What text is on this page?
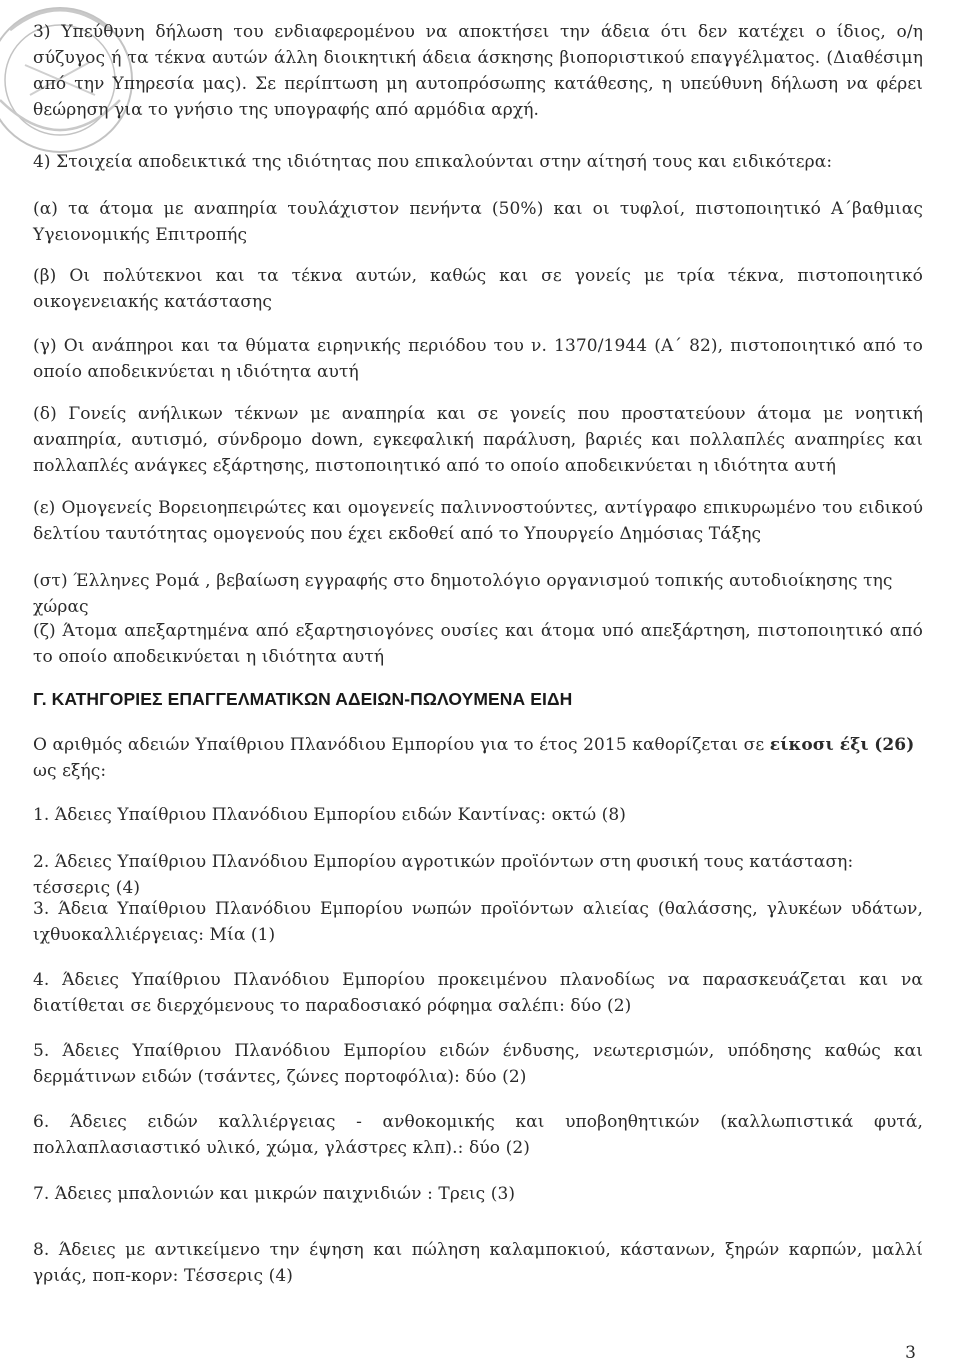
3) Υπεύθυνη δήλωση του ενδιαφερομένου να αποκτήσει την άδεια ότι δεν κατέχει ο ίδιος, ο/η σύζυγος ή τα τέκνα αυτών άλλη διοικητική άδεια άσκησης βιοποριστικού επαγγέλματος. (Διαθέσιμη από την Υπηρεσία μας). Σε περίπτωση μη αυτοπρόσωπης κατάθεσης, η υπεύθυνη δήλωση να φέρει θεώρηση για το γνήσιο της υπογραφής από αρμόδια αρχή.

4) Στοιχεία αποδεικτικά της ιδιότητας που επικαλούνται στην αίτησή τους και ειδικότερα:

(α) τα άτομα με αναπηρία τουλάχιστον πενήντα (50%) και οι τυφλοί, πιστοποιητικό Α΄βαθμιας Υγειονομικής Επιτροπής

(β) Οι πολύτεκνοι και τα τέκνα αυτών, καθώς και σε γονείς με τρία τέκνα, πιστοποιητικό οικογενειακής κατάστασης

(γ) Οι ανάπηροι και τα θύματα ειρηνικής περιόδου του ν. 1370/1944 (Α΄ 82), πιστοποιητικό από το οποίο αποδεικνύεται η ιδιότητα αυτή

(δ) Γονείς ανήλικων τέκνων με αναπηρία και σε γονείς που προστατεύουν άτομα με νοητική αναπηρία, αυτισμό, σύνδρομο down, εγκεφαλική παράλυση, βαριές και πολλαπλές αναπηρίες και πολλαπλές ανάγκες εξάρτησης, πιστοποιητικό από το οποίο αποδεικνύεται η ιδιότητα αυτή

(ε) Ομογενείς Βορειοηπειρώτες και ομογενείς παλιννοστούντες, αντίγραφο επικυρωμένο του ειδικού δελτίου ταυτότητας ομογενούς που έχει εκδοθεί από το Υπουργείο Δημόσιας Τάξης

(στ) Έλληνες Ρομά , βεβαίωση εγγραφής στο δημοτολόγιο οργανισμού τοπικής αυτοδιοίκησης της χώρας

(ζ) Άτομα απεξαρτημένα από εξαρτησιογόνες ουσίες και άτομα υπό απεξάρτηση, πιστοποιητικό από το οποίο αποδεικνύεται η ιδιότητα αυτή

Γ. ΚΑΤΗΓΟΡΙΕΣ ΕΠΑΓΓΕΛΜΑΤΙΚΩΝ ΑΔΕΙΩΝ-ΠΩΛΟΥΜΕΝΑ ΕΙΔΗ

Ο αριθμός αδειών Υπαίθριου Πλανόδιου Εμπορίου για το έτος 2015 καθορίζεται σε είκοσι έξι (26) ως εξής:

1. Άδειες Υπαίθριου Πλανόδιου Εμπορίου ειδών Καντίνας: οκτώ (8)

2. Άδειες Υπαίθριου Πλανόδιου Εμπορίου αγροτικών προϊόντων στη φυσική τους κατάσταση: τέσσερις (4)

3. Άδεια Υπαίθριου Πλανόδιου Εμπορίου νωπών προϊόντων αλιείας (θαλάσσης, γλυκέων υδάτων, ιχθυοκαλλιέργειας: Μία (1)

4. Άδειες Υπαίθριου Πλανόδιου Εμπορίου προκειμένου πλανοδίως να παρασκευάζεται και να διατίθεται σε διερχόμενους το παραδοσιακό ρόφημα σαλέπι: δύο (2)

5. Άδειες Υπαίθριου Πλανόδιου Εμπορίου ειδών ένδυσης, νεωτερισμών, υπόδησης καθώς και δερμάτινων ειδών (τσάντες, ζώνες πορτοφόλια): δύο (2)

6. Άδειες ειδών καλλιέργειας - ανθοκομικής και υποβοηθητικών (καλλωπιστικά φυτά, πολλαπλασιαστικό υλικό, χώμα, γλάστρες κλπ).: δύο (2)

7. Άδειες μπαλονιών και μικρών παιχνιδιών : Τρεις (3)

8. Άδειες με αντικείμενο την έψηση και πώληση καλαμποκιού, κάστανων, ξηρών καρπών, μαλλί γριάς, ποπ-κορν: Τέσσερις (4)

3
